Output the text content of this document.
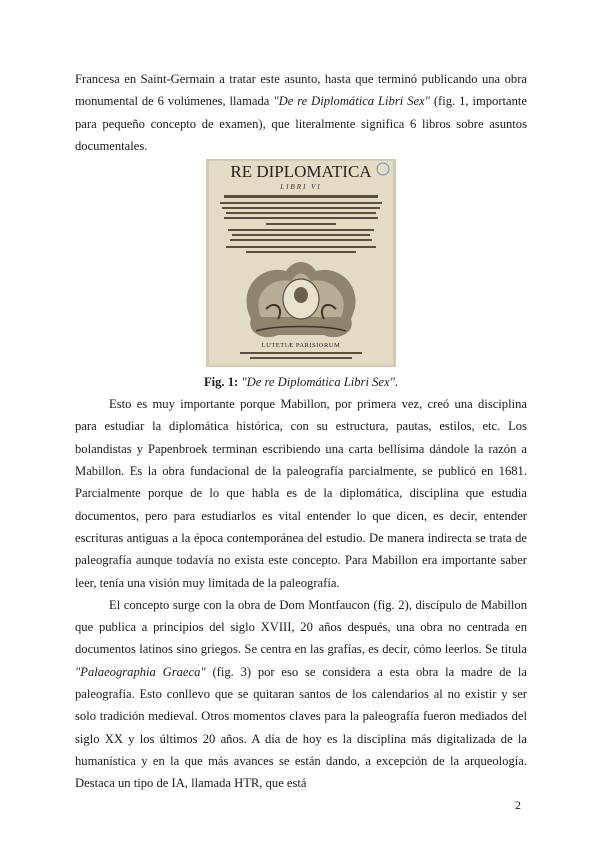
Francesa en Saint-Germain a tratar este asunto, hasta que terminó publicando una obra monumental de 6 volúmenes, llamada "De re Diplomática Libri Sex" (fig. 1, importante para pequeño concepto de examen), que literalmente significa 6 libros sobre asuntos documentales.

RE DIPLOMATICA
LIBRI VI
LUTETIÆ PARISIORUM

Fig. 1: "De re Diplomática Libri Sex".

Esto es muy importante porque Mabillon, por primera vez, creó una disciplina para estudiar la diplomática histórica, con su estructura, pautas, estilos, etc. Los bolandistas y Papenbroek terminan escribiendo una carta bellísima dándole la razón a Mabillon. Es la obra fundacional de la paleografía parcialmente, se publicó en 1681. Parcialmente porque de lo que habla es de la diplomática, disciplina que estudia documentos, pero para estudiarlos es vital entender lo que dicen, es decir, entender escrituras antiguas a la época contemporánea del estudio. De manera indirecta se trata de paleografía aunque todavía no exista este concepto. Para Mabillon era importante saber leer, tenía una visión muy limitada de la paleografía.

El concepto surge con la obra de Dom Montfaucon (fig. 2), discípulo de Mabillon que publica a principios del siglo XVIII, 20 años después, una obra no centrada en documentos latinos sino griegos. Se centra en las grafías, es decir, cómo leerlos. Se titula "Palaeographia Graeca" (fig. 3) por eso se considera a esta obra la madre de la paleografía. Esto conllevo que se quitaran santos de los calendarios al no existir y ser solo tradición medieval. Otros momentos claves para la paleografía fueron mediados del siglo XX y los últimos 20 años. A día de hoy es la disciplina más digitalizada de la humanística y en la que más avances se están dando, a excepción de la arqueología. Destaca un tipo de IA, llamada HTR, que está

2
